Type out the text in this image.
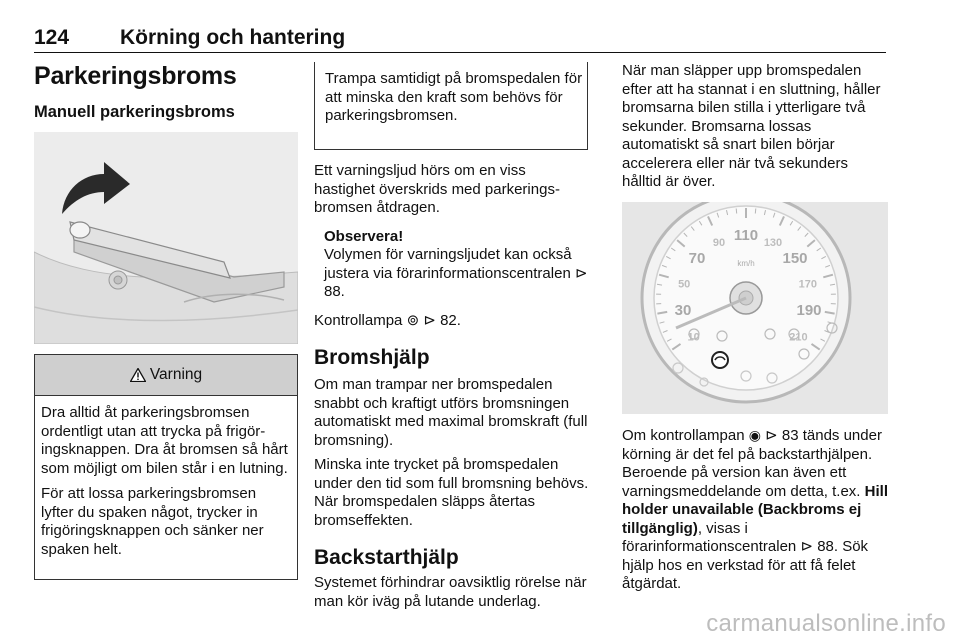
124 Körning och hantering
Parkeringsbroms
Manuell parkeringsbroms
Varning

Dra alltid åt parkeringsbromsen ordentligt utan att trycka på frigöringsknappen. Dra åt bromsen så hårt som möjligt om bilen står i en lutning.

För att lossa parkeringsbromsen lyfter du spaken något, trycker in frigöringsknappen och sänker ner spaken helt.

Trampa samtidigt på bromspedalen för att minska den kraft som behövs för parkeringsbromsen.

Ett varningsljud hörs om en viss hastighet överskrids med parkeringsbromsen åtdragen.

Observera!

Volymen för varningsljudet kan också justera via förarinformationscentralen ⊳ 88.

Kontrollampa ⊚ ⊳ 82.

Bromshjälp

Om man trampar ner bromspedalen snabbt och kraftigt utförs bromsningen automatiskt med maximal bromskraft (full bromsning).

Minska inte trycket på bromspedalen under den tid som full bromsning behövs. När bromspedalen släpps återtas bromseffekten.

Backstarthjälp

Systemet förhindrar oavsiktlig rörelse när man kör iväg på lutande underlag.

När man släpper upp bromspedalen efter att ha stannat i en sluttning, håller bromsarna bilen stilla i ytterligare två sekunder. Bromsarna lossas automatiskt så snart bilen börjar accelerera eller när två sekunders hålltid är över.

10
30
50
70
90 110 130
150
170
190
210
km/h

Om kontrollampan ◉ ⊳ 83 tänds under körning är det fel på backstarthjälpen. Beroende på version kan även ett varningsmeddelande om detta, t.ex. Hill holder unavailable (Backbroms ej tillgänglig), visas i förarinformationscentralen ⊳ 88. Sök hjälp hos en verkstad för att få felet åtgärdat.

carmanualsonline.info
